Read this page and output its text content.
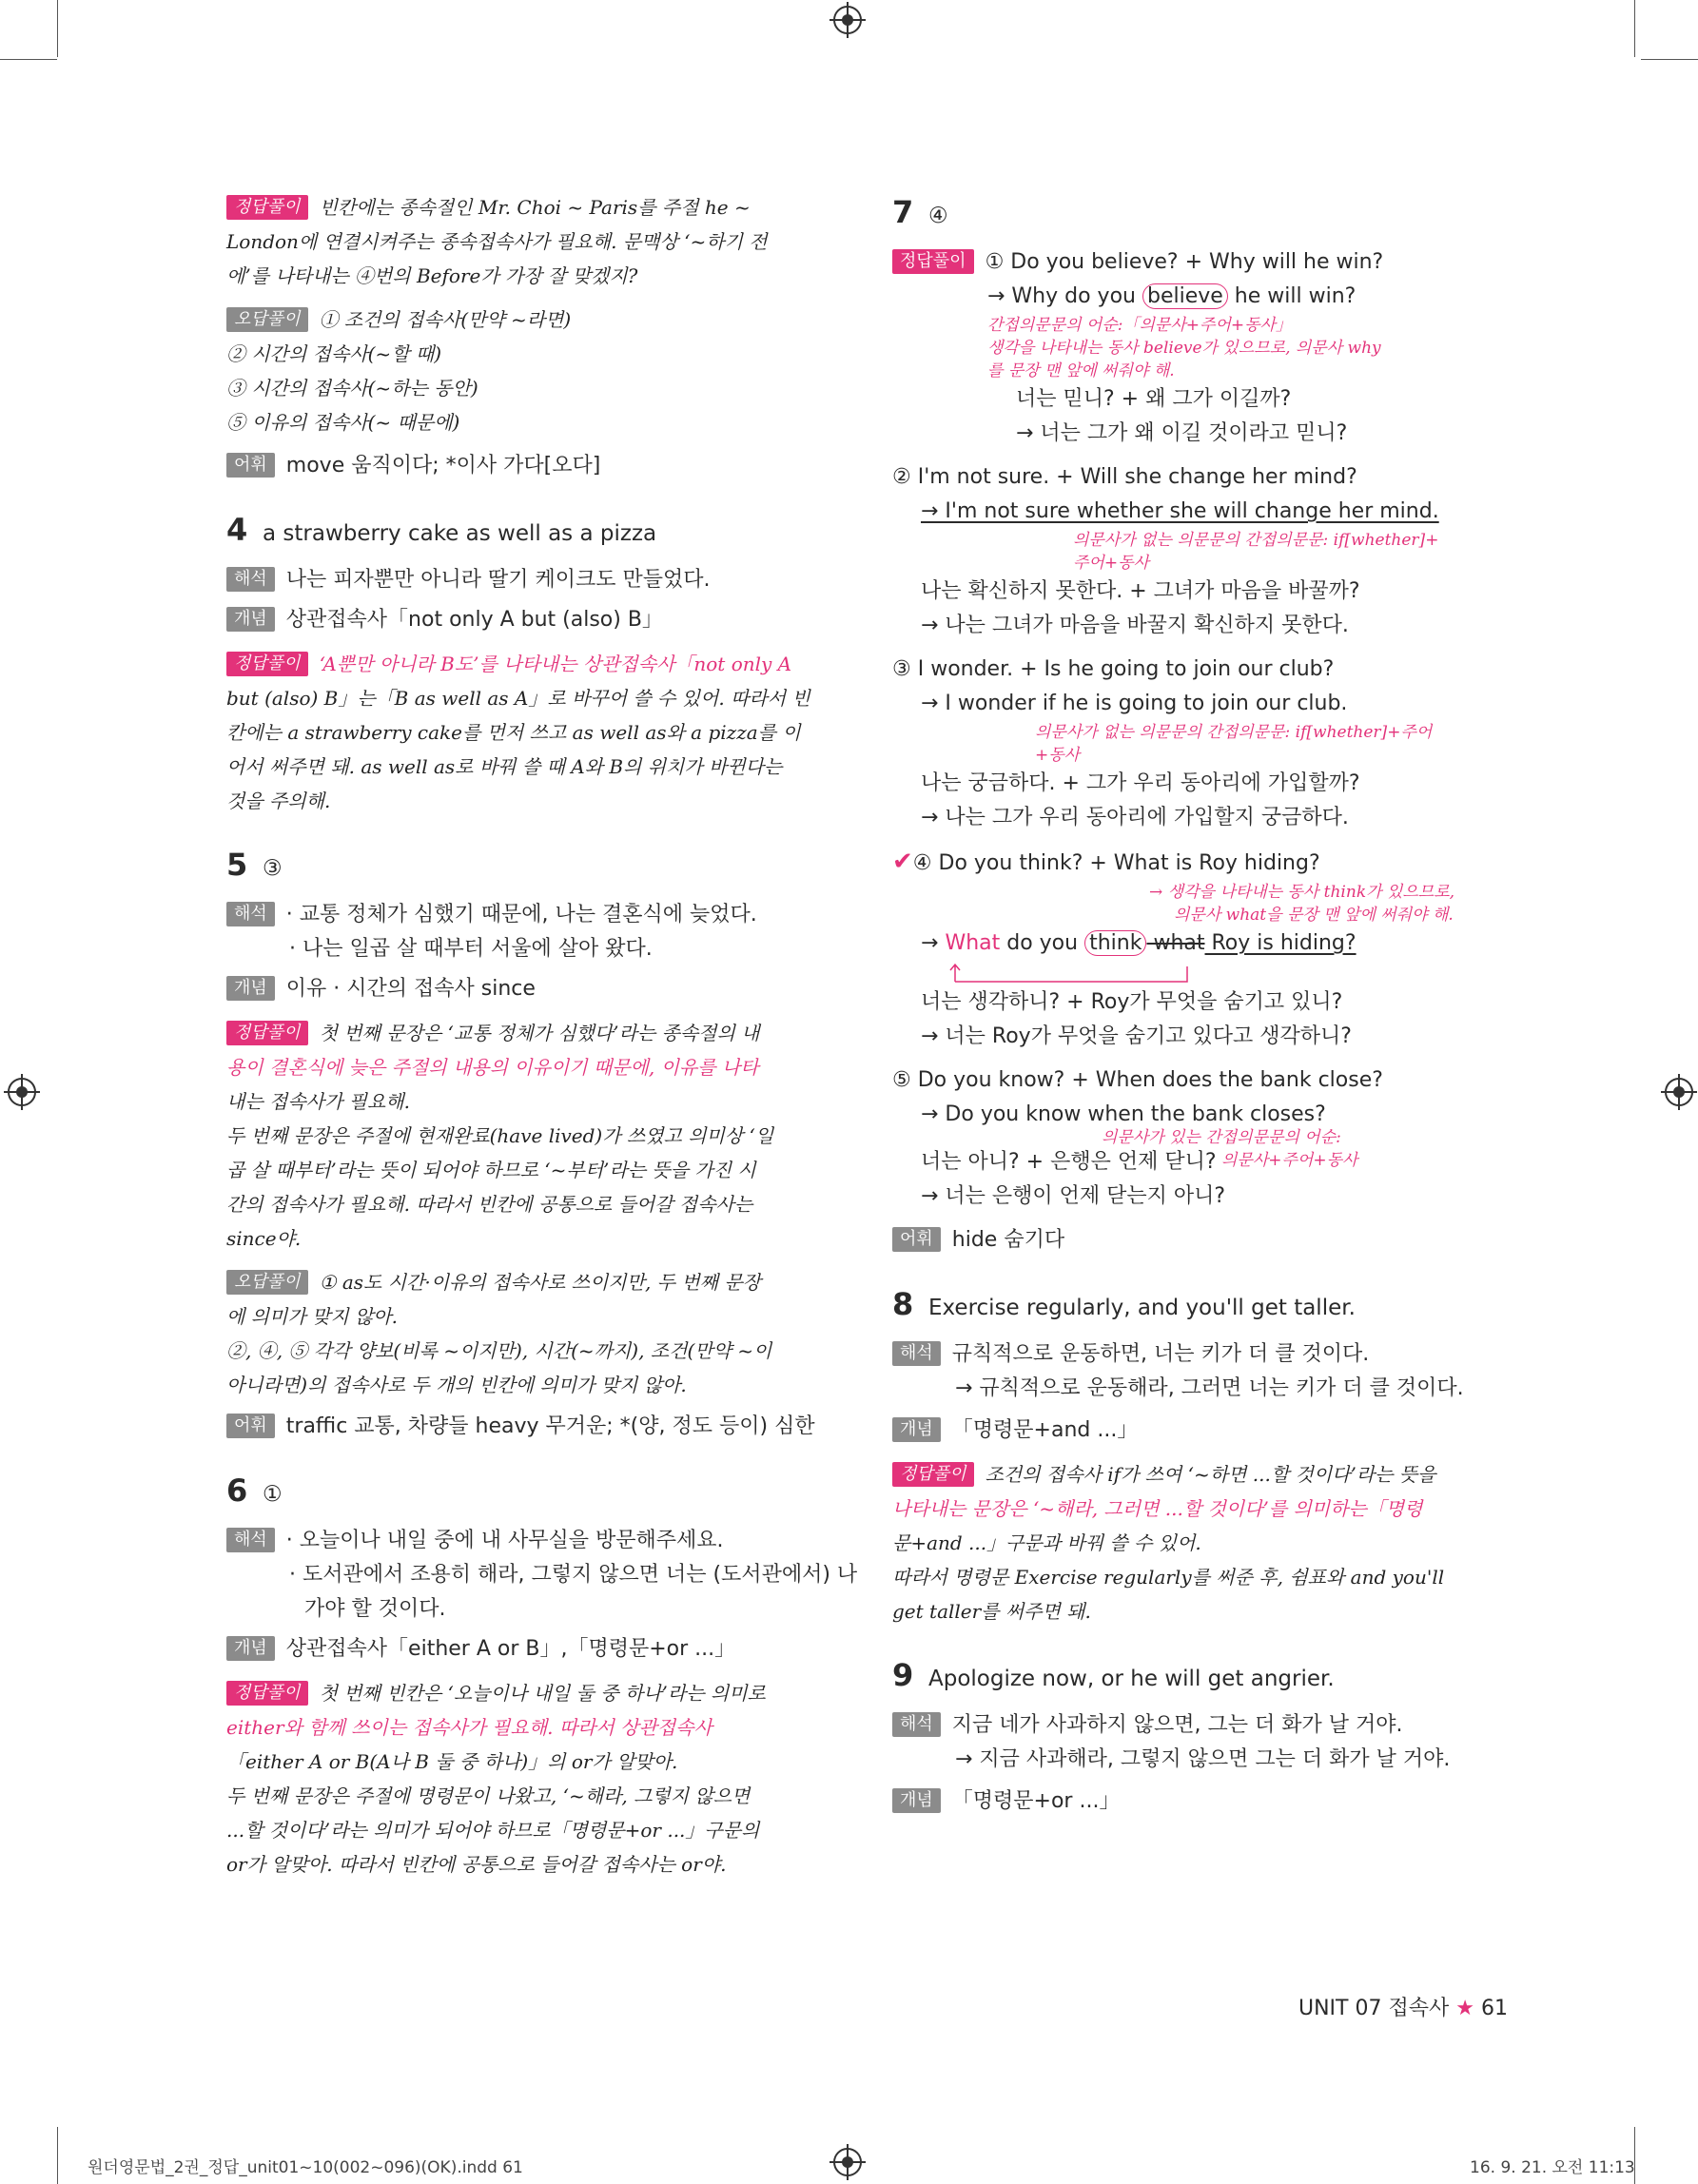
정답풀이 빈칸에는 종속절인 Mr. Choi ~ Paris를 주절 he ~

London에 연결시켜주는 종속접속사가 필요해. 문맥상 ‘~하기 전

에’를 나타내는 ④번의 Before가 가장 잘 맞겠지?

오답풀이 ① 조건의 접속사(만약 ~라면)

② 시간의 접속사(~할 때)

③ 시간의 접속사(~하는 동안)

⑤ 이유의 접속사(~ 때문에)

어휘 move 움직이다; *이사 가다[오다]

4 a strawberry cake as well as a pizza

해석 나는 피자뿐만 아니라 딸기 케이크도 만들었다.

개념 상관접속사「not only A but (also) B」

정답풀이 ‘A뿐만 아니라 B도’를 나타내는 상관접속사「not only A

but (also) B」는「B as well as A」로 바꾸어 쓸 수 있어. 따라서 빈

칸에는 a strawberry cake를 먼저 쓰고 as well as와 a pizza를 이

어서 써주면 돼. as well as로 바꿔 쓸 때 A와 B의 위치가 바뀐다는

것을 주의해.

5 ③

해석 · 교통 정체가 심했기 때문에, 나는 결혼식에 늦었다.

· 나는 일곱 살 때부터 서울에 살아 왔다.

개념 이유 · 시간의 접속사 since

정답풀이 첫 번째 문장은 ‘교통 정체가 심했다’라는 종속절의 내

용이 결혼식에 늦은 주절의 내용의 이유이기 때문에, 이유를 나타

내는 접속사가 필요해.

두 번째 문장은 주절에 현재완료(have lived)가 쓰였고 의미상 ‘일

곱 살 때부터’라는 뜻이 되어야 하므로 ‘~부터’라는 뜻을 가진 시

간의 접속사가 필요해. 따라서 빈칸에 공통으로 들어갈 접속사는

since야.

오답풀이 ① as도 시간·이유의 접속사로 쓰이지만, 두 번째 문장

에 의미가 맞지 않아.

②, ④, ⑤ 각각 양보(비록 ~이지만), 시간(~까지), 조건(만약 ~이

아니라면)의 접속사로 두 개의 빈칸에 의미가 맞지 않아.

어휘 traffic 교통, 차량들 heavy 무거운; *(양, 정도 등이) 심한

6 ①

해석 · 오늘이나 내일 중에 내 사무실을 방문해주세요.

· 도서관에서 조용히 해라, 그렇지 않으면 너는 (도서관에서) 나

가야 할 것이다.

개념 상관접속사「either A or B」,「명령문+or ...」

정답풀이 첫 번째 빈칸은 ‘오늘이나 내일 둘 중 하나’라는 의미로

either와 함께 쓰이는 접속사가 필요해. 따라서 상관접속사

「either A or B(A나 B 둘 중 하나)」의 or가 알맞아.

두 번째 문장은 주절에 명령문이 나왔고, ‘~해라, 그렇지 않으면

...할 것이다’라는 의미가 되어야 하므로「명령문+or ...」구문의

or가 알맞아. 따라서 빈칸에 공통으로 들어갈 접속사는 or야.

7 ④

정답풀이 ① Do you believe? + Why will he win?

→ Why do you believe he will win?

간접의문문의 어순:「의문사+주어+동사」
생각을 나타내는 동사 believe가 있으므로, 의문사 why
를 문장 맨 앞에 써줘야 해.

너는 믿니? + 왜 그가 이길까?

→ 너는 그가 왜 이길 것이라고 믿니?

② I'm not sure. + Will she change her mind?

→ I'm not sure whether she will change her mind.

의문사가 없는 의문문의 간접의문문: if[whether]+
주어+동사

나는 확신하지 못한다. + 그녀가 마음을 바꿀까?

→ 나는 그녀가 마음을 바꿀지 확신하지 못한다.

③ I wonder. + Is he going to join our club?

→ I wonder if he is going to join our club.

의문사가 없는 의문문의 간접의문문: if[whether]+주어
+동사

나는 궁금하다. + 그가 우리 동아리에 가입할까?

→ 나는 그가 우리 동아리에 가입할지 궁금하다.

✔④ Do you think? + What is Roy hiding?

→ 생각을 나타내는 동사 think가 있으므로,
의문사 what을 문장 맨 앞에 써줘야 해.

→ What do you think what Roy is hiding?

너는 생각하니? + Roy가 무엇을 숨기고 있니?

→ 너는 Roy가 무엇을 숨기고 있다고 생각하니?

⑤ Do you know? + When does the bank close?

→ Do you know when the bank closes?

의문사가 있는 간접의문문의 어순:
의문사+주어+동사

너는 아니? + 은행은 언제 닫니?

→ 너는 은행이 언제 닫는지 아니?

어휘 hide 숨기다

8 Exercise regularly, and you'll get taller.

해석 규칙적으로 운동하면, 너는 키가 더 클 것이다.

→ 규칙적으로 운동해라, 그러면 너는 키가 더 클 것이다.

개념 「명령문+and ...」

정답풀이 조건의 접속사 if가 쓰여 ‘~하면 ...할 것이다’라는 뜻을

나타내는 문장은 ‘~해라, 그러면 ...할 것이다’를 의미하는「명령

문+and ...」구문과 바꿔 쓸 수 있어.

따라서 명령문 Exercise regularly를 써준 후, 쉼표와 and you'll

get taller를 써주면 돼.

9 Apologize now, or he will get angrier.

해석 지금 네가 사과하지 않으면, 그는 더 화가 날 거야.

→ 지금 사과해라, 그렇지 않으면 그는 더 화가 날 거야.

개념 「명령문+or ...」

UNIT 07 접속사 ★ 61
원더영문법_2권_정답_unit01~10(002~096)(OK).indd 61	16. 9. 21. 오전 11:13
